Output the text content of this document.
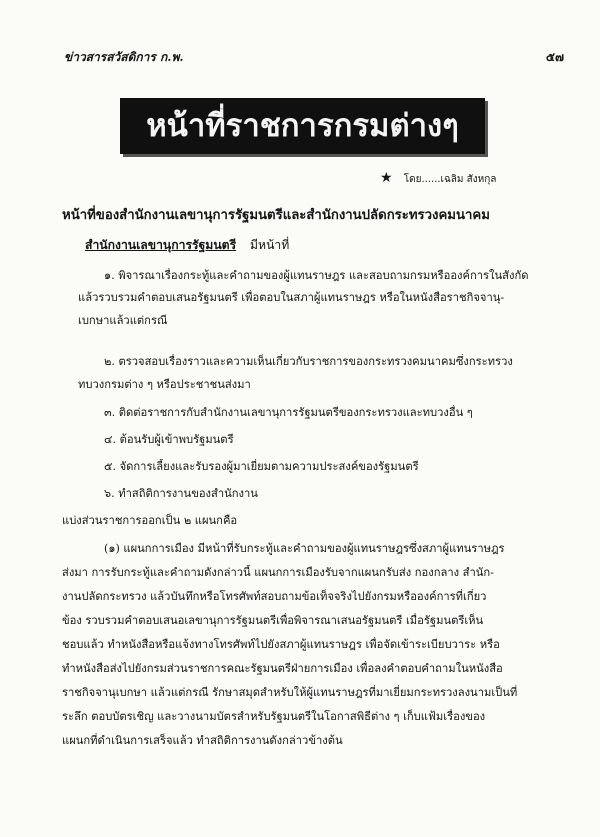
ข่าวสารสวัสดิการ ก.พ.	๕๗
หน้าที่ราชการกรมต่างๆ
★ โดย......เฉลิม สังหกุล
หน้าที่ของสำนักงานเลขานุการรัฐมนตรีและสำนักงานปลัดกระทรวงคมนาคม
สำนักงานเลขานุการรัฐมนตรี มีหน้าที่
๑. พิจารณาเรื่องกระทู้และคำถามของผู้แทนราษฎร และสอบถามกรมหรือองค์การในสังกัด
แล้วรวบรวมคำตอบเสนอรัฐมนตรี เพื่อตอบในสภาผู้แทนราษฎร หรือในหนังสือราชกิจจานุ-
เบกษาแล้วแต่กรณี
๒. ตรวจสอบเรื่องราวและความเห็นเกี่ยวกับราชการของกระทรวงคมนาคมซึ่งกระทรวง
ทบวงกรมต่าง ๆ หรือประชาชนส่งมา
๓. ติดต่อราชการกับสำนักงานเลขานุการรัฐมนตรีของกระทรวงและทบวงอื่น ๆ
๔. ต้อนรับผู้เข้าพบรัฐมนตรี
๕. จัดการเลี้ยงและรับรองผู้มาเยี่ยมตามความประสงค์ของรัฐมนตรี
๖. ทำสถิติการงานของสำนักงาน
แบ่งส่วนราชการออกเป็น ๒ แผนกคือ
(๑) แผนกการเมือง มีหน้าที่รับกระทู้และคำถามของผู้แทนราษฎรซึ่งสภาผู้แทนราษฎร
ส่งมา การรับกระทู้และคำถามดังกล่าวนี้ แผนกการเมืองรับจากแผนกรับส่ง กองกลาง สำนัก-
งานปลัดกระทรวง แล้วบันทึกหรือโทรศัพท์สอบถามข้อเท็จจริงไปยังกรมหรือองค์การที่เกี่ยว
ข้อง รวบรวมคำตอบเสนอเลขานุการรัฐมนตรีเพื่อพิจารณาเสนอรัฐมนตรี เมื่อรัฐมนตรีเห็น
ชอบแล้ว ทำหนังสือหรือแจ้งทางโทรศัพท์ไปยังสภาผู้แทนราษฎร เพื่อจัดเข้าระเบียบวาระ หรือ
ทำหนังสือส่งไปยังกรมส่วนราชการคณะรัฐมนตรีฝ่ายการเมือง เพื่อลงคำตอบคำถามในหนังสือ
ราชกิจจานุเบกษา แล้วแต่กรณี รักษาสมุดสำหรับให้ผู้แทนราษฎรที่มาเยี่ยมกระทรวงลงนามเป็นที่
ระลึก ตอบบัตรเชิญ และวางนามบัตรสำหรับรัฐมนตรีในโอกาสพิธีต่าง ๆ เก็บแฟ้มเรื่องของ
แผนกที่ดำเนินการเสร็จแล้ว ทำสถิติการงานดังกล่าวข้างต้น
